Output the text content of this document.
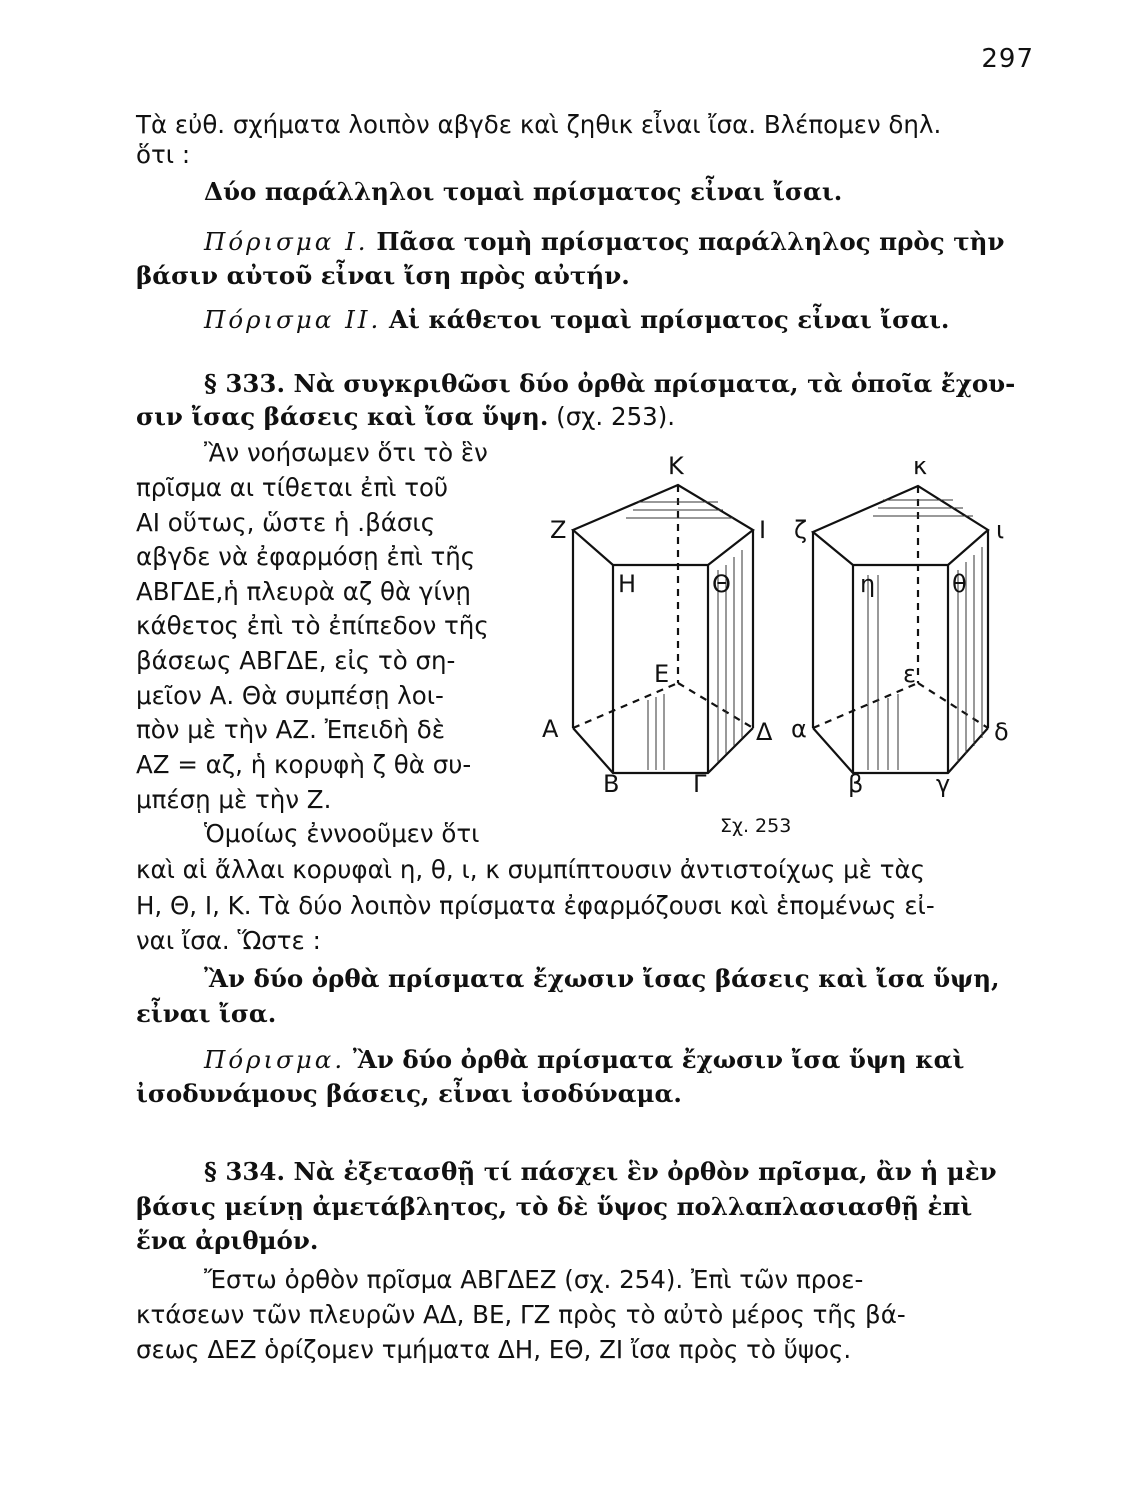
297
Τὰ εὐθ. σχήματα λοιπὸν αβγδε καὶ ζηθικ εἶναι ἴσα. Βλέπομεν δηλ.
ὅτι :
Δύο παράλληλοι τομαὶ πρίσματος εἶναι ἴσαι.
Πόρισμα Ι. Πᾶσα τομὴ πρίσματος παράλληλος πρὸς τὴν
βάσιν αὐτοῦ εἶναι ἴση πρὸς αὐτήν.
Πόρισμα ΙΙ. Αἱ κάθετοι τομαὶ πρίσματος εἶναι ἴσαι.
§ 333. Νὰ συγκριθῶσι δύο ὀρθὰ πρίσματα, τὰ ὁποῖα ἔχου-
σιν ἴσας βάσεις καὶ ἴσα ὕψη. (σχ. 253).
Ἂν νοήσωμεν ὅτι τὸ ἓν
πρῖσμα αι τίθεται ἐπὶ τοῦ
ΑΙ οὕτως, ὥστε ἡ .βάσις
αβγδε νὰ ἐφαρμόσῃ ἐπὶ τῆς
ΑΒΓΔΕ,ἡ πλευρὰ αζ θὰ γίνῃ
κάθετος ἐπὶ τὸ ἐπίπεδον τῆς
βάσεως ΑΒΓΔΕ, εἰς τὸ ση-
μεῖον Α. Θὰ συμπέσῃ λοι-
πὸν μὲ τὴν ΑΖ. Ἐπειδὴ δὲ
ΑΖ = αζ, ἡ κορυφὴ ζ θὰ συ-
μπέσῃ μὲ τὴν Ζ.
Ὁμοίως ἐννοοῦμεν ὅτι
καὶ αἱ ἄλλαι κορυφαὶ η, θ, ι, κ συμπίπτουσιν ἀντιστοίχως μὲ τὰς
Η, Θ, Ι, Κ. Τὰ δύο λοιπὸν πρίσματα ἐφαρμόζουσι καὶ ἑπομένως εἰ-
ναι ἴσα. Ὥστε :
Ἂν δύο ὀρθὰ πρίσματα ἔχωσιν ἴσας βάσεις καὶ ἴσα ὕψη,
εἶναι ἴσα.
Πόρισμα. Ἂν δύο ὀρθὰ πρίσματα ἔχωσιν ἴσα ὕψη καὶ
ἰσοδυνάμους βάσεις, εἶναι ἰσοδύναμα.
§ 334. Νὰ ἐξετασθῇ τί πάσχει ἓν ὀρθὸν πρῖσμα, ἂν ἡ μὲν
βάσις μείνῃ ἀμετάβλητος, τὸ δὲ ὕψος πολλαπλασιασθῇ ἐπὶ
ἕνα ἀριθμόν.
Ἔστω ὀρθὸν πρῖσμα ΑΒΓΔΕΖ (σχ. 254). Ἐπὶ τῶν προε-
κτάσεων τῶν πλευρῶν ΑΔ, ΒΕ, ΓΖ πρὸς τὸ αὐτὸ μέρος τῆς βά-
σεως ΔΕΖ ὁρίζομεν τμήματα ΔΗ, ΕΘ, ΖΙ ἴσα πρὸς τὸ ὕψος.
Κ
Ζ	Ι
Η	Θ
Ε
Α	Δ
Β	Γ
κ
ζ	ι
η	θ
ε
α	δ
β	γ
Σχ. 253
